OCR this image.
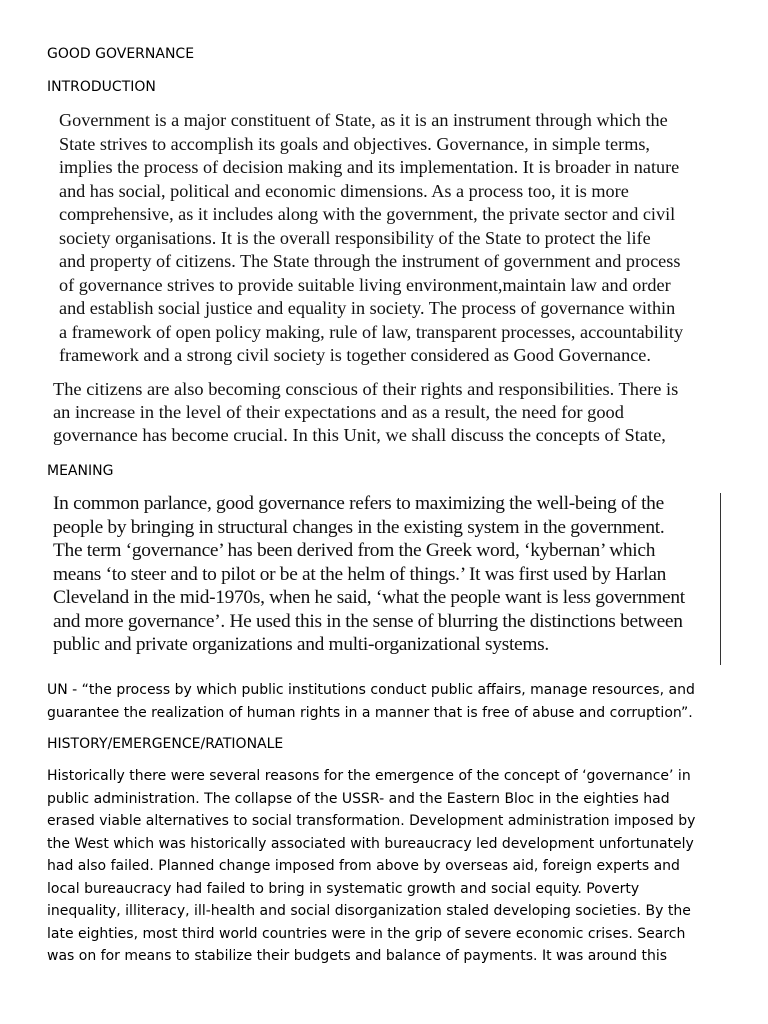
GOOD GOVERNANCE
INTRODUCTION
Government is a major constituent of State, as it is an instrument through which the
State strives to accomplish its goals and objectives. Governance, in simple terms,
implies the process of decision making and its implementation. It is broader in nature
and has social, political and economic dimensions. As a process too, it is more
comprehensive, as it includes along with the government, the private sector and civil
society organisations. It is the overall responsibility of the State to protect the life
and property of citizens. The State through the instrument of government and process
of governance strives to provide suitable living environment,maintain law and order
and establish social justice and equality in society. The process of governance within
a framework of open policy making, rule of law, transparent processes, accountability
framework and a strong civil society is together considered as Good Governance.
The citizens are also becoming conscious of their rights and responsibilities. There is
an increase in the level of their expectations and as a result, the need for good
governance has become crucial. In this Unit, we shall discuss the concepts of State,
MEANING
In common parlance, good governance refers to maximizing the well-being of the
people by bringing in structural changes in the existing system in the government.
The term ‘governance’ has been derived from the Greek word, ‘kybernan’ which
means ‘to steer and to pilot or be at the helm of things.’ It was first used by Harlan
Cleveland in the mid-1970s, when he said, ‘what the people want is less government
and more governance’. He used this in the sense of blurring the distinctions between
public and private organizations and multi-organizational systems.
UN - “the process by which public institutions conduct public affairs, manage resources, and
guarantee the realization of human rights in a manner that is free of abuse and corruption”.
HISTORY/EMERGENCE/RATIONALE
Historically there were several reasons for the emergence of the concept of ‘governance’ in
public administration. The collapse of the USSR- and the Eastern Bloc in the eighties had
erased viable alternatives to social transformation. Development administration imposed by
the West which was historically associated with bureaucracy led development unfortunately
had also failed. Planned change imposed from above by overseas aid, foreign experts and
local bureaucracy had failed to bring in systematic growth and social equity. Poverty
inequality, illiteracy, ill-health and social disorganization staled developing societies. By the
late eighties, most third world countries were in the grip of severe economic crises. Search
was on for means to stabilize their budgets and balance of payments. It was around this
